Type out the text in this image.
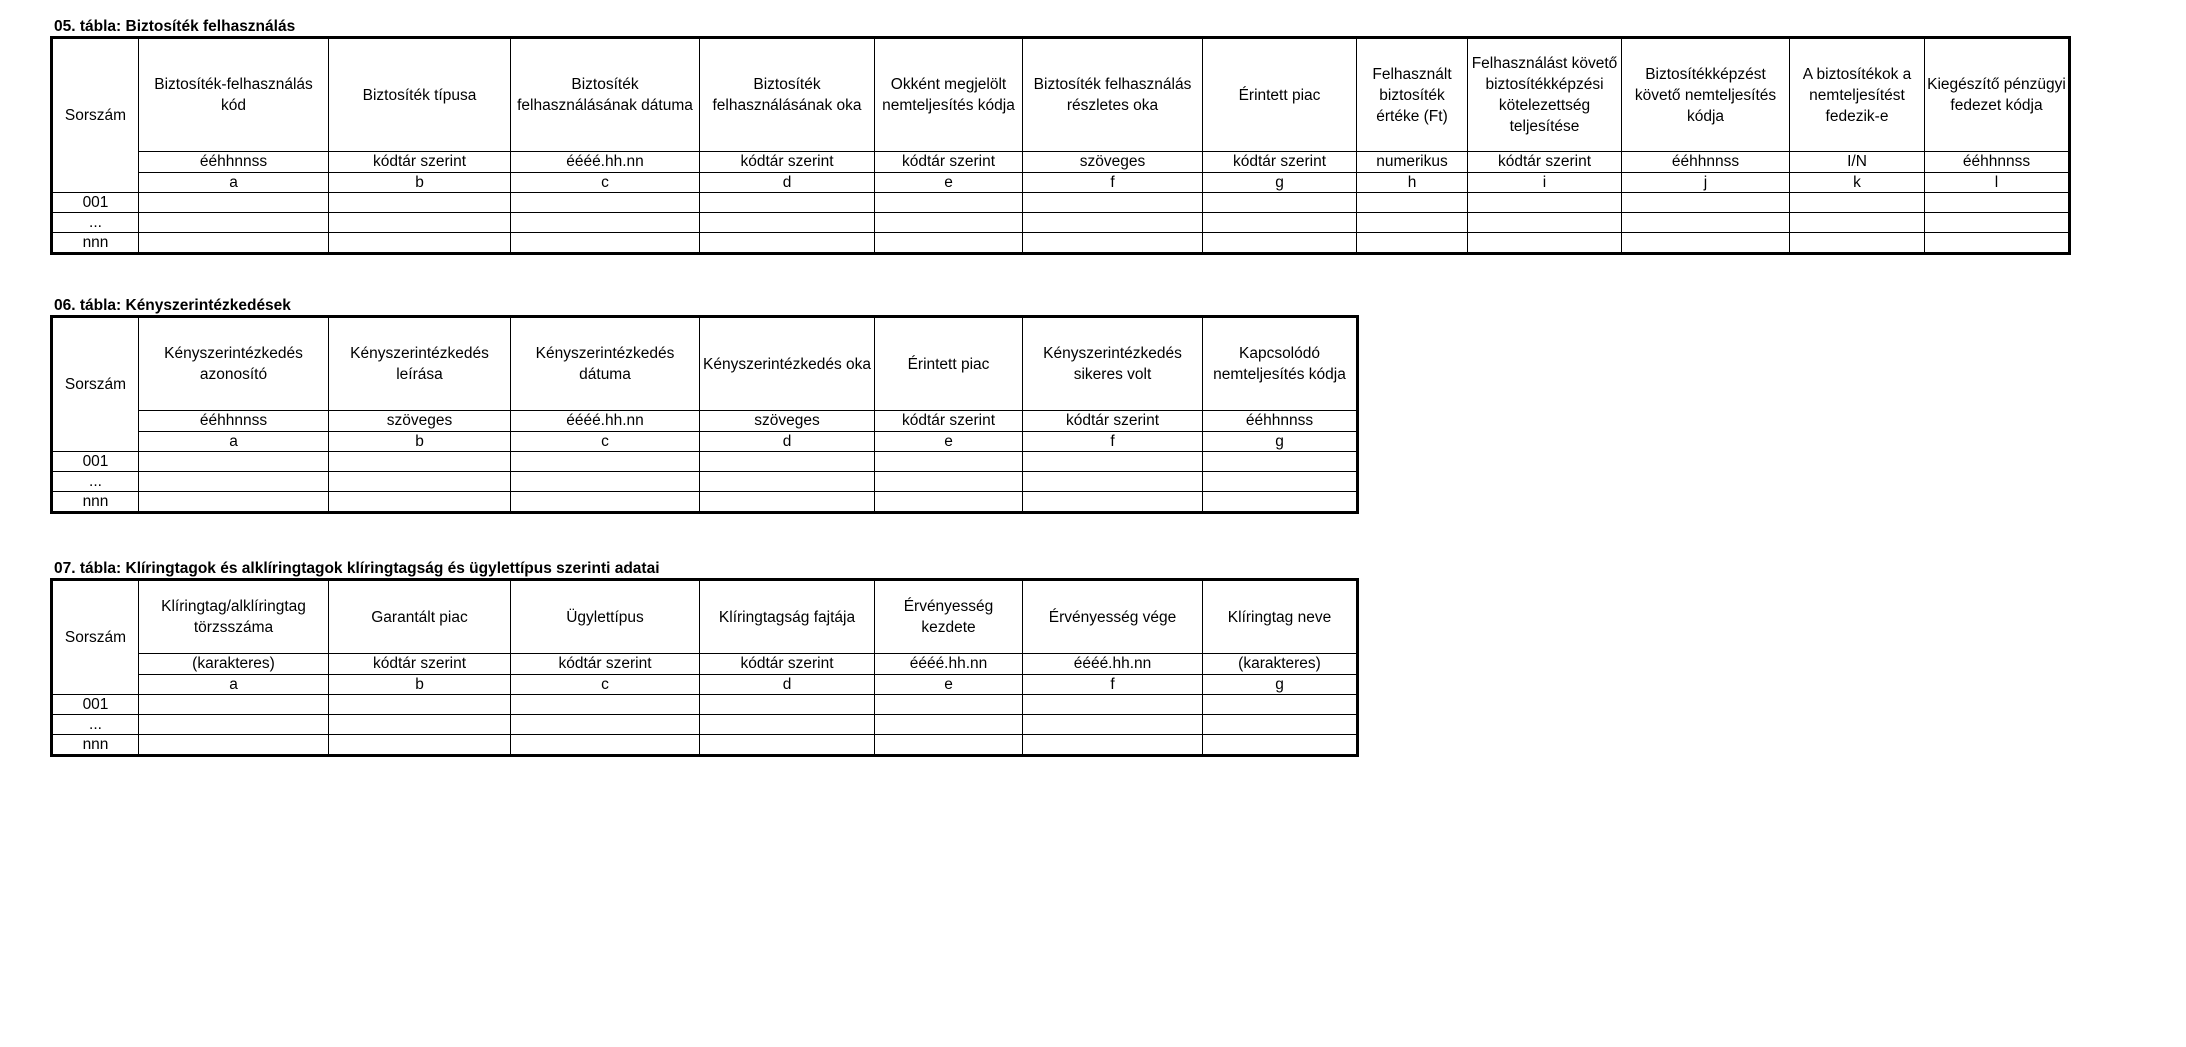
05. tábla: Biztosíték felhasználás
Sorszám	Biztosíték-felhasználás kód	Biztosíték típusa	Biztosíték felhasználásának dátuma	Biztosíték felhasználásának oka	Okként megjelölt nemteljesítés kódja	Biztosíték felhasználás részletes oka	Érintett piac	Felhasznált biztosíték értéke (Ft)	Felhasználást követő biztosítékképzési kötelezettség teljesítése	Biztosítékképzést követő nemteljesítés kódja	A biztosítékok a nemteljesítést fedezik-e	Kiegészítő pénzügyi fedezet kódja
	ééhhnnss	kódtár szerint	éééé.hh.nn	kódtár szerint	kódtár szerint	szöveges	kódtár szerint	numerikus	kódtár szerint	ééhhnnss	I/N	ééhhnnss
	a	b	c	d	e	f	g	h	i	j	k	l
001												
...												
nnn												
06. tábla: Kényszerintézkedések
Sorszám	Kényszerintézkedés azonosító	Kényszerintézkedés leírása	Kényszerintézkedés dátuma	Kényszerintézkedés oka	Érintett piac	Kényszerintézkedés sikeres volt	Kapcsolódó nemteljesítés kódja
	ééhhnnss	szöveges	éééé.hh.nn	szöveges	kódtár szerint	kódtár szerint	ééhhnnss
	a	b	c	d	e	f	g
001							
...							
nnn							
07. tábla: Klíringtagok és alklíringtagok klíringtagság és ügylettípus szerinti adatai
Sorszám	Klíringtag/alklíringtag törzsszáma	Garantált piac	Ügylettípus	Klíringtagság fajtája	Érvényesség kezdete	Érvényesség vége	Klíringtag neve
	(karakteres)	kódtár szerint	kódtár szerint	kódtár szerint	éééé.hh.nn	éééé.hh.nn	(karakteres)
	a	b	c	d	e	f	g
001							
...							
nnn							
